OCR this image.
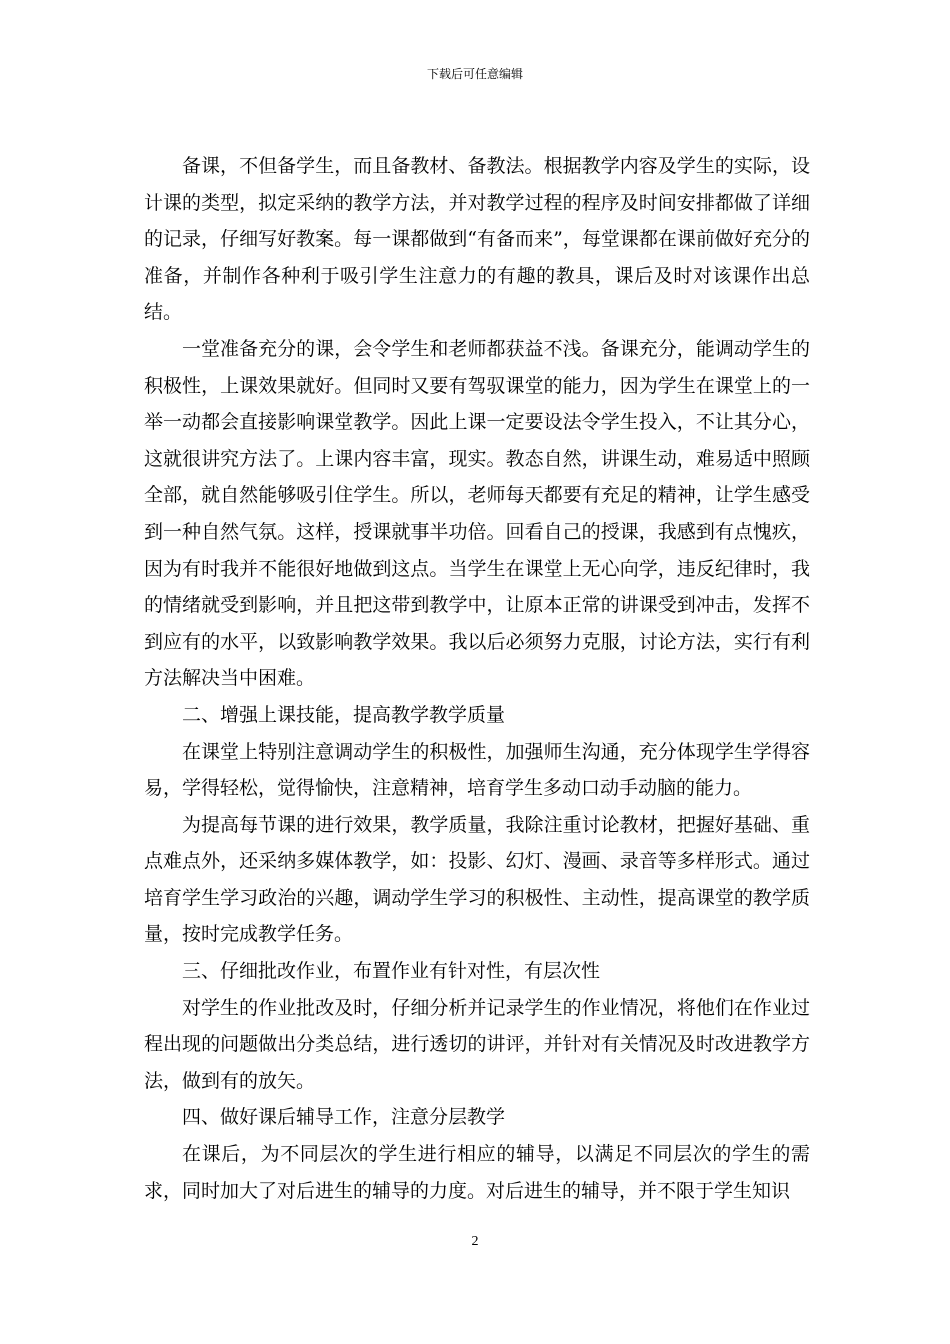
下载后可任意编辑

备课，不但备学生，而且备教材、备教法。根据教学内容及学生的实际，设计课的类型，拟定采纳的教学方法，并对教学过程的程序及时间安排都做了详细的记录，仔细写好教案。每一课都做到“有备而来”，每堂课都在课前做好充分的准备，并制作各种利于吸引学生注意力的有趣的教具，课后及时对该课作出总结。

一堂准备充分的课，会令学生和老师都获益不浅。备课充分，能调动学生的积极性，上课效果就好。但同时又要有驾驭课堂的能力，因为学生在课堂上的一举一动都会直接影响课堂教学。因此上课一定要设法令学生投入，不让其分心，这就很讲究方法了。上课内容丰富，现实。教态自然，讲课生动，难易适中照顾全部，就自然能够吸引住学生。所以，老师每天都要有充足的精神，让学生感受到一种自然气氛。这样，授课就事半功倍。回看自己的授课，我感到有点愧疚，因为有时我并不能很好地做到这点。当学生在课堂上无心向学，违反纪律时，我的情绪就受到影响，并且把这带到教学中，让原本正常的讲课受到冲击，发挥不到应有的水平，以致影响教学效果。我以后必须努力克服，讨论方法，实行有利方法解决当中困难。

二、增强上课技能，提高教学教学质量

在课堂上特别注意调动学生的积极性，加强师生沟通，充分体现学生学得容易，学得轻松，觉得愉快，注意精神，培育学生多动口动手动脑的能力。

为提高每节课的进行效果，教学质量，我除注重讨论教材，把握好基础、重点难点外，还采纳多媒体教学，如：投影、幻灯、漫画、录音等多样形式。通过培育学生学习政治的兴趣，调动学生学习的积极性、主动性，提高课堂的教学质量，按时完成教学任务。

三、仔细批改作业，布置作业有针对性，有层次性

对学生的作业批改及时，仔细分析并记录学生的作业情况，将他们在作业过程出现的问题做出分类总结，进行透切的讲评，并针对有关情况及时改进教学方法，做到有的放矢。

四、做好课后辅导工作，注意分层教学

在课后，为不同层次的学生进行相应的辅导，以满足不同层次的学生的需求，同时加大了对后进生的辅导的力度。对后进生的辅导，并不限于学生知识

2
